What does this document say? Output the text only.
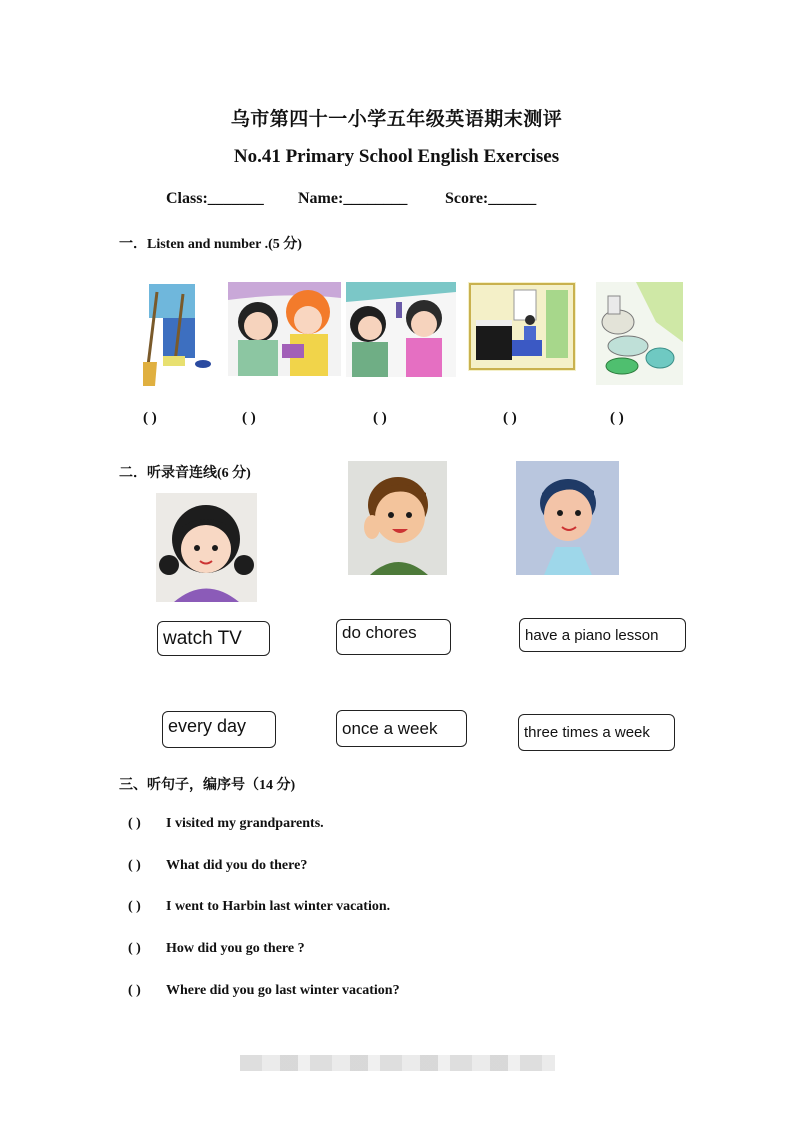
乌市第四十一小学五年级英语期末测评
No.41 Primary School English Exercises
Class:_______ Name:________ Score:______
一．Listen and number .(5 分)
( )	( )	( )	( )	( )
二．听录音连线(6 分)
watch TV	do chores	have a piano lesson
every day	once a week	three times a week
三、听句子，编序号（14 分)
( ) I visited my grandparents.
( ) What did you do there?
( ) I went to Harbin last winter vacation.
( ) How did you go there ?
( ) Where did you go last winter vacation?
